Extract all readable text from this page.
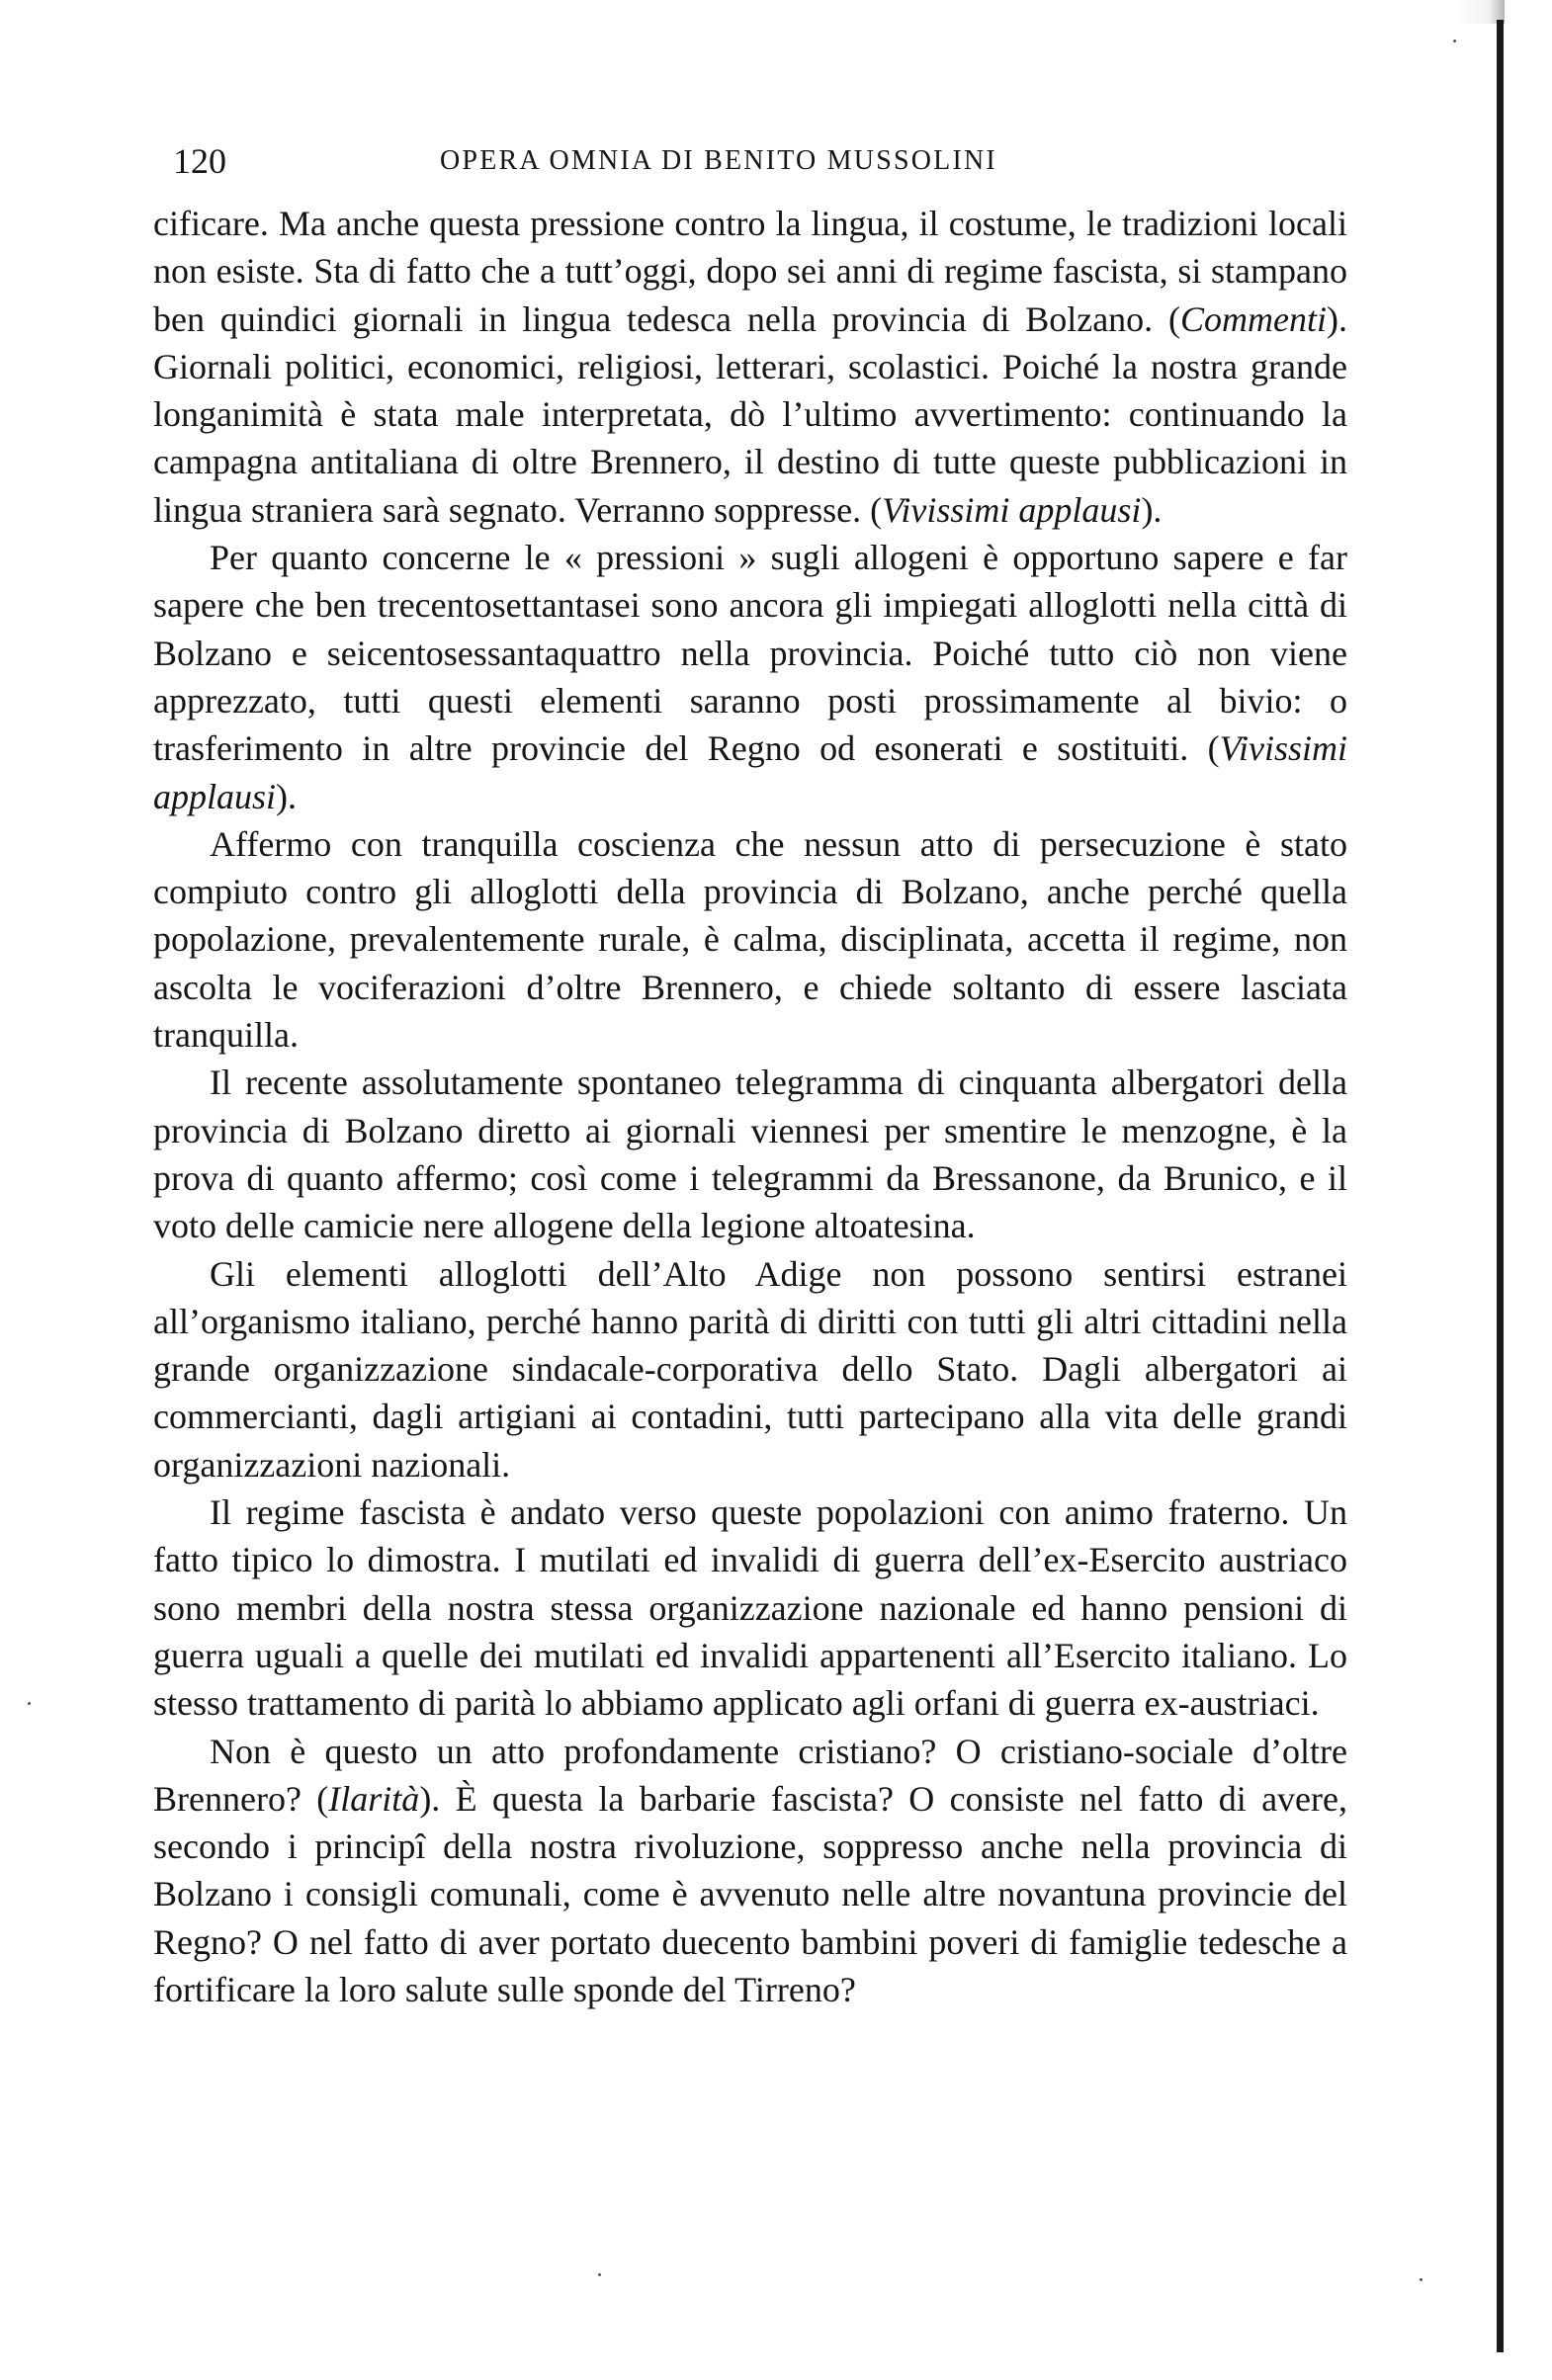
120	OPERA OMNIA DI BENITO MUSSOLINI

cificare. Ma anche questa pressione contro la lingua, il costume, le tradizioni locali non esiste. Sta di fatto che a tutt’oggi, dopo sei anni di regime fascista, si stampano ben quindici giornali in lingua tedesca nella provincia di Bolzano. (Commenti). Giornali politici, economici, religiosi, letterari, scolastici. Poiché la nostra grande longanimità è stata male interpretata, dò l’ultimo avvertimento: continuando la campagna antitaliana di oltre Brennero, il destino di tutte queste pubblicazioni in lingua straniera sarà segnato. Verranno soppresse. (Vivissimi applausi).

Per quanto concerne le « pressioni » sugli allogeni è opportuno sapere e far sapere che ben trecentosettantasei sono ancora gli impiegati alloglotti nella città di Bolzano e seicentosessantaquattro nella provincia. Poiché tutto ciò non viene apprezzato, tutti questi elementi saranno posti prossimamente al bivio: o trasferimento in altre provincie del Regno od esonerati e sostituiti. (Vivissimi applausi).

Affermo con tranquilla coscienza che nessun atto di persecuzione è stato compiuto contro gli alloglotti della provincia di Bolzano, anche perché quella popolazione, prevalentemente rurale, è calma, disciplinata, accetta il regime, non ascolta le vociferazioni d’oltre Brennero, e chiede soltanto di essere lasciata tranquilla.

Il recente assolutamente spontaneo telegramma di cinquanta albergatori della provincia di Bolzano diretto ai giornali viennesi per smentire le menzogne, è la prova di quanto affermo; così come i telegrammi da Bressanone, da Brunico, e il voto delle camicie nere allogene della legione altoatesina.

Gli elementi alloglotti dell’Alto Adige non possono sentirsi estranei all’organismo italiano, perché hanno parità di diritti con tutti gli altri cittadini nella grande organizzazione sindacale-corporativa dello Stato. Dagli albergatori ai commercianti, dagli artigiani ai contadini, tutti partecipano alla vita delle grandi organizzazioni nazionali.

Il regime fascista è andato verso queste popolazioni con animo fraterno. Un fatto tipico lo dimostra. I mutilati ed invalidi di guerra dell’ex-Esercito austriaco sono membri della nostra stessa organizzazione nazionale ed hanno pensioni di guerra uguali a quelle dei mutilati ed invalidi appartenenti all’Esercito italiano. Lo stesso trattamento di parità lo abbiamo applicato agli orfani di guerra ex-austriaci.

Non è questo un atto profondamente cristiano? O cristiano-sociale d’oltre Brennero? (Ilarità). È questa la barbarie fascista? O consiste nel fatto di avere, secondo i principî della nostra rivoluzione, soppresso anche nella provincia di Bolzano i consigli comunali, come è avvenuto nelle altre novantuna provincie del Regno? O nel fatto di aver portato duecento bambini poveri di famiglie tedesche a fortificare la loro salute sulle sponde del Tirreno?
